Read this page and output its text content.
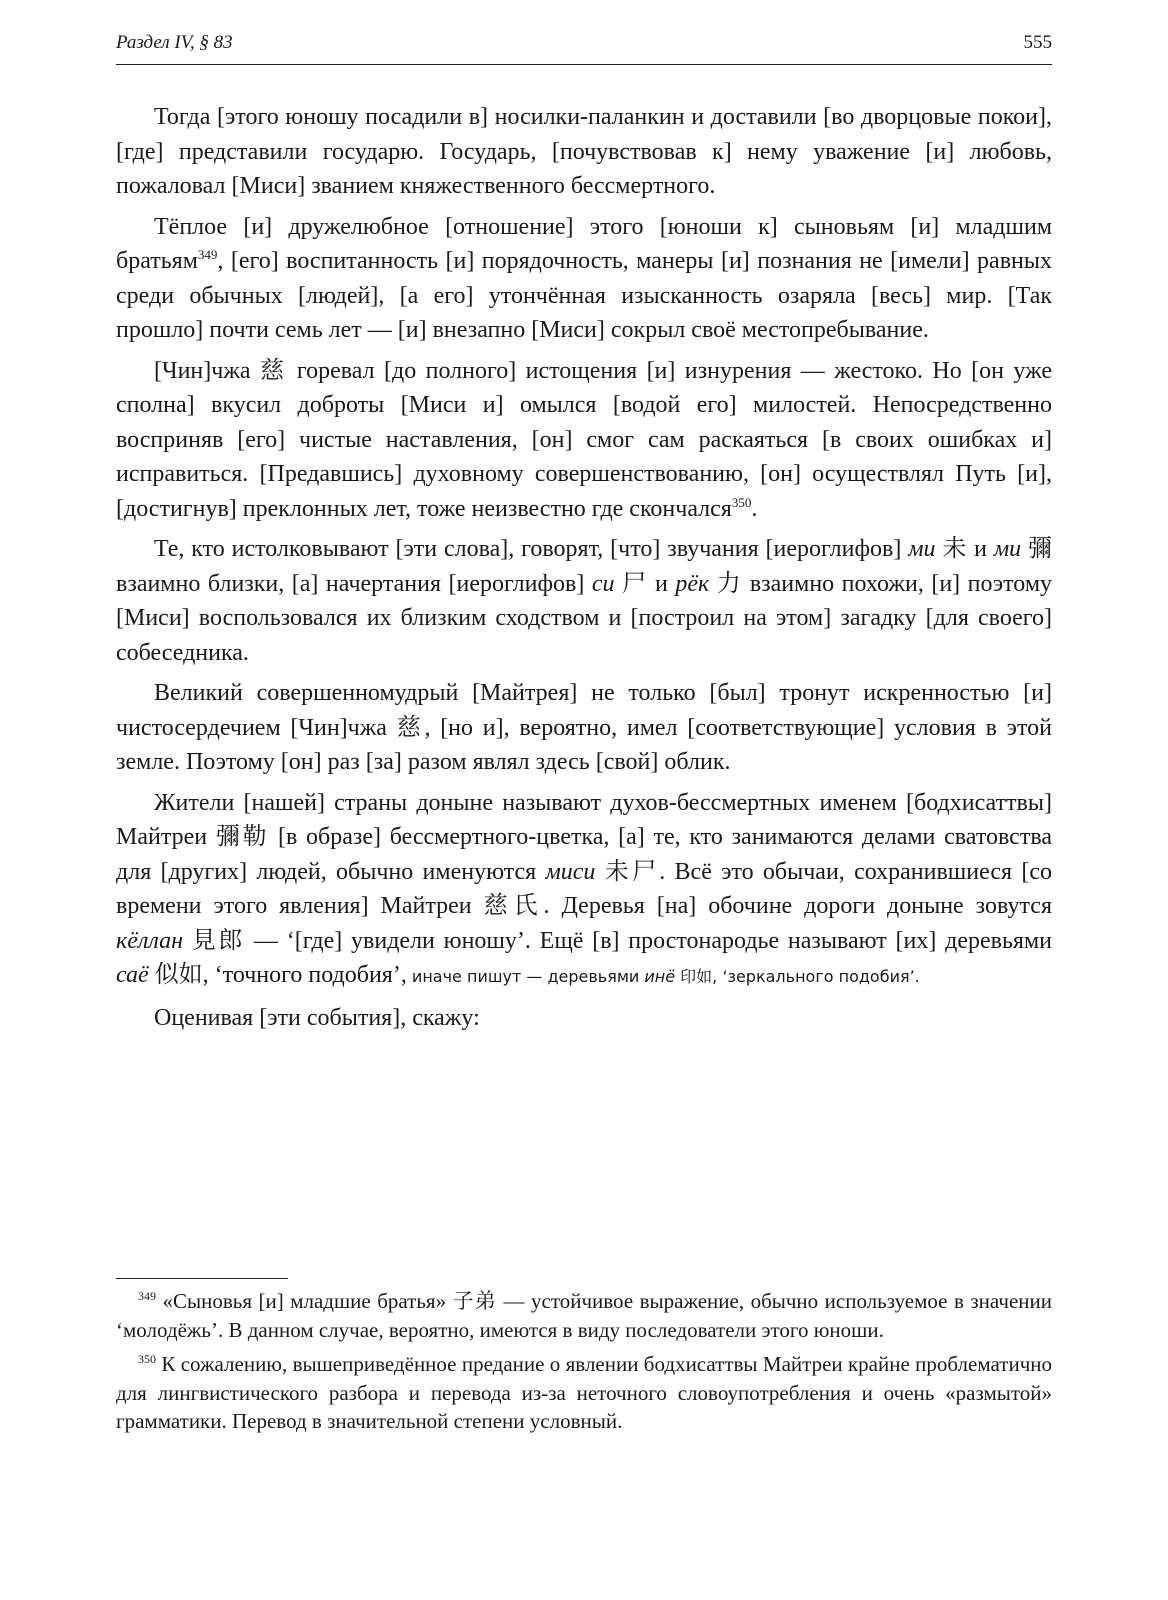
Раздел IV, § 83	555

Тогда [этого юношу посадили в] носилки-паланкин и доставили [во дворцовые покои], [где] представили государю. Государь, [почувствовав к] нему уважение [и] любовь, пожаловал [Миси] званием княжественного бессмертного.

Тёплое [и] дружелюбное [отношение] этого [юноши к] сыновьям [и] младшим братьям$^{349}$, [его] воспитанность [и] порядочность, манеры [и] познания не [имели] равных среди обычных [людей], [а его] утончённая изысканность озаряла [весь] мир. [Так прошло] почти семь лет — [и] внезапно [Миси] сокрыл своё местопребывание.

[Чин]чжа 慈 горевал [до полного] истощения [и] изнурения — жестоко. Но [он уже сполна] вкусил доброты [Миси и] омылся [водой его] милостей. Непосредственно восприняв [его] чистые наставления, [он] смог сам раскаяться [в своих ошибках и] исправиться. [Предавшись] духовному совершенствованию, [он] осуществлял Путь [и], [достигнув] преклонных лет, тоже неизвестно где скончался$^{350}$.

Те, кто истолковывают [эти слова], говорят, [что] звучания [иероглифов] ми 未 и ми 彌 взаимно близки, [а] начертания [иероглифов] си 尸 и рёк 力 взаимно похожи, [и] поэтому [Миси] воспользовался их близким сходством и [построил на этом] загадку [для своего] собеседника.

Великий совершенномудрый [Майтрея] не только [был] тронут искренностью [и] чистосердечием [Чин]чжа 慈, [но и], вероятно, имел [соответствующие] условия в этой земле. Поэтому [он] раз [за] разом являл здесь [свой] облик.

Жители [нашей] страны доныне называют духов-бессмертных именем [бодхисаттвы] Майтреи 彌勒 [в образе] бессмертного-цветка, [а] те, кто занимаются делами сватовства для [других] людей, обычно именуются миси 未尸. Всё это обычаи, сохранившиеся [со времени этого явления] Майтреи 慈氏. Деревья [на] обочине дороги доныне зовутся кёллан 見郎 — ‘[где] увидели юношу’. Ещё [в] простонародье называют [их] деревьями саё 似如, ‘точного подобия’, иначе пишут — деревьями инё 印如, ‘зеркального подобия’.

Оценивая [эти события], скажу:

$^{349}$ «Сыновья [и] младшие братья» 子弟 — устойчивое выражение, обычно используемое в значении ‘молодёжь’. В данном случае, вероятно, имеются в виду последователи этого юноши.

$^{350}$ К сожалению, вышеприведённое предание о явлении бодхисаттвы Майтреи крайне проблематично для лингвистического разбора и перевода из-за неточного словоупотребления и очень «размытой» грамматики. Перевод в значительной степени условный.
